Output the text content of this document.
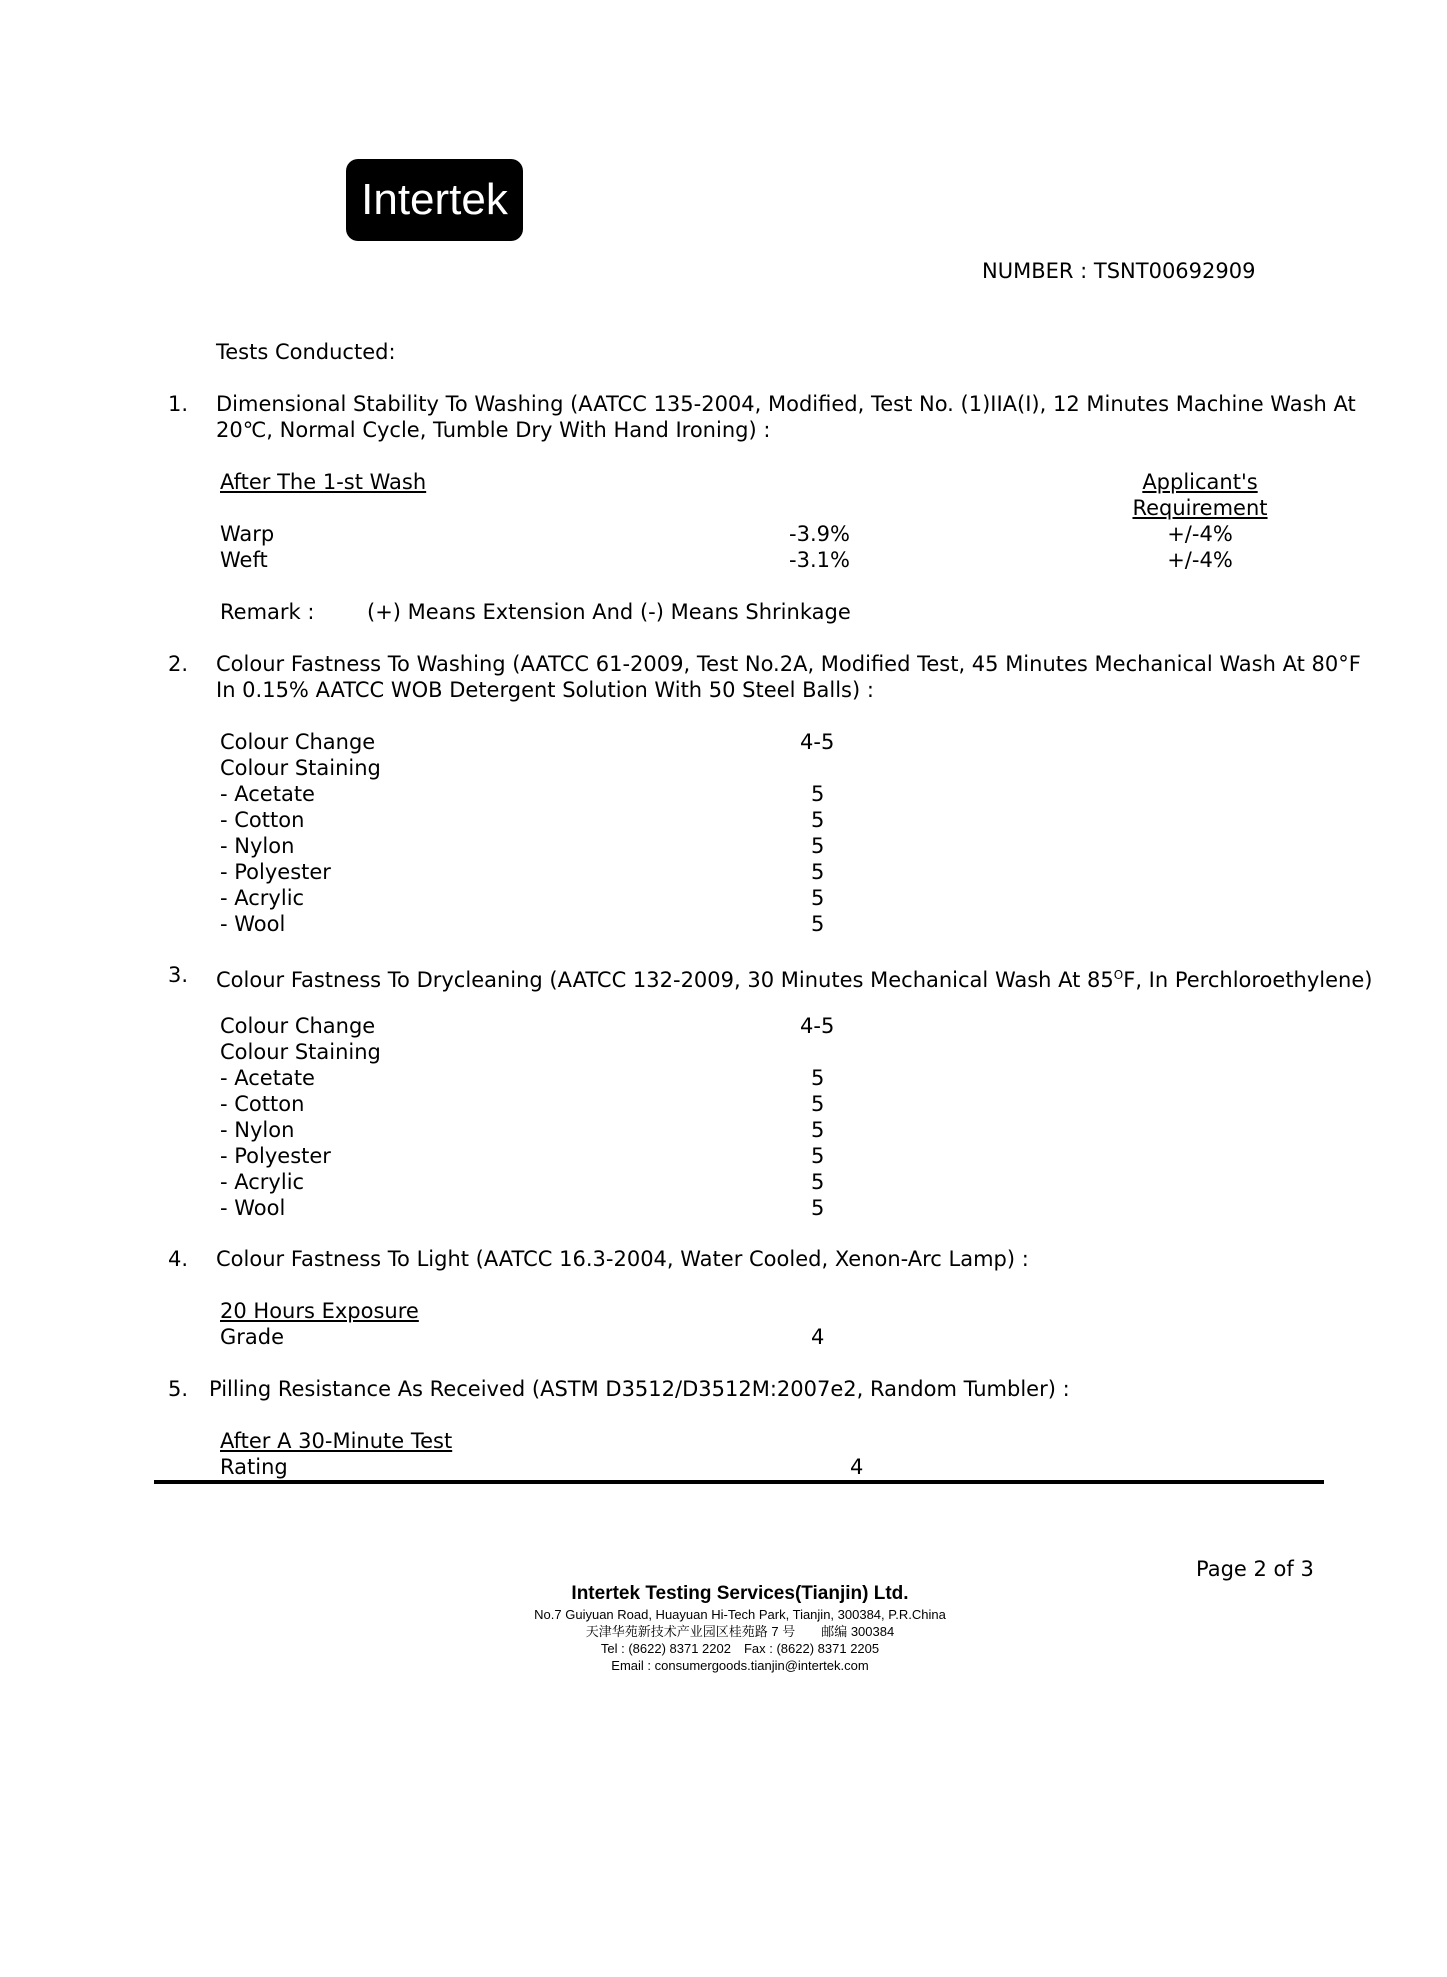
Intertek
NUMBER : TSNT00692909
Tests Conducted:
1. Dimensional Stability To Washing (AATCC 135-2004, Modified, Test No. (1)IIA(I), 12 Minutes Machine Wash At
20℃, Normal Cycle, Tumble Dry With Hand Ironing) :
After The 1-st Wash	Applicant's
Requirement
Warp	-3.9%	+/-4%
Weft	-3.1%	+/-4%
Remark :	(+) Means Extension And (-) Means Shrinkage
2. Colour Fastness To Washing (AATCC 61-2009, Test No.2A, Modified Test, 45 Minutes Mechanical Wash At 80°F
In 0.15% AATCC WOB Detergent Solution With 50 Steel Balls) :
Colour Change	4-5
Colour Staining
- Acetate	5
- Cotton	5
- Nylon	5
- Polyester	5
- Acrylic	5
- Wool	5
3. Colour Fastness To Drycleaning (AATCC 132-2009, 30 Minutes Mechanical Wash At $85^OF$, In Perchloroethylene)
Colour Change	4-5
Colour Staining
- Acetate	5
- Cotton	5
- Nylon	5
- Polyester	5
- Acrylic	5
- Wool	5
4. Colour Fastness To Light (AATCC 16.3-2004, Water Cooled, Xenon-Arc Lamp) :
20 Hours Exposure
Grade	4
5. Pilling Resistance As Received (ASTM D3512/D3512M:2007e2, Random Tumbler) :
After A 30-Minute Test
Rating	4
Page 2 of 3
Intertek Testing Services(Tianjin) Ltd.
No.7 Guiyuan Road, Huayuan Hi-Tech Park, Tianjin, 300384, P.R.China
天津华苑新技术产业园区桂苑路 7 号　　邮编 300384
Tel : (8622) 8371 2202　Fax : (8622) 8371 2205
Email : consumergoods.tianjin@intertek.com
